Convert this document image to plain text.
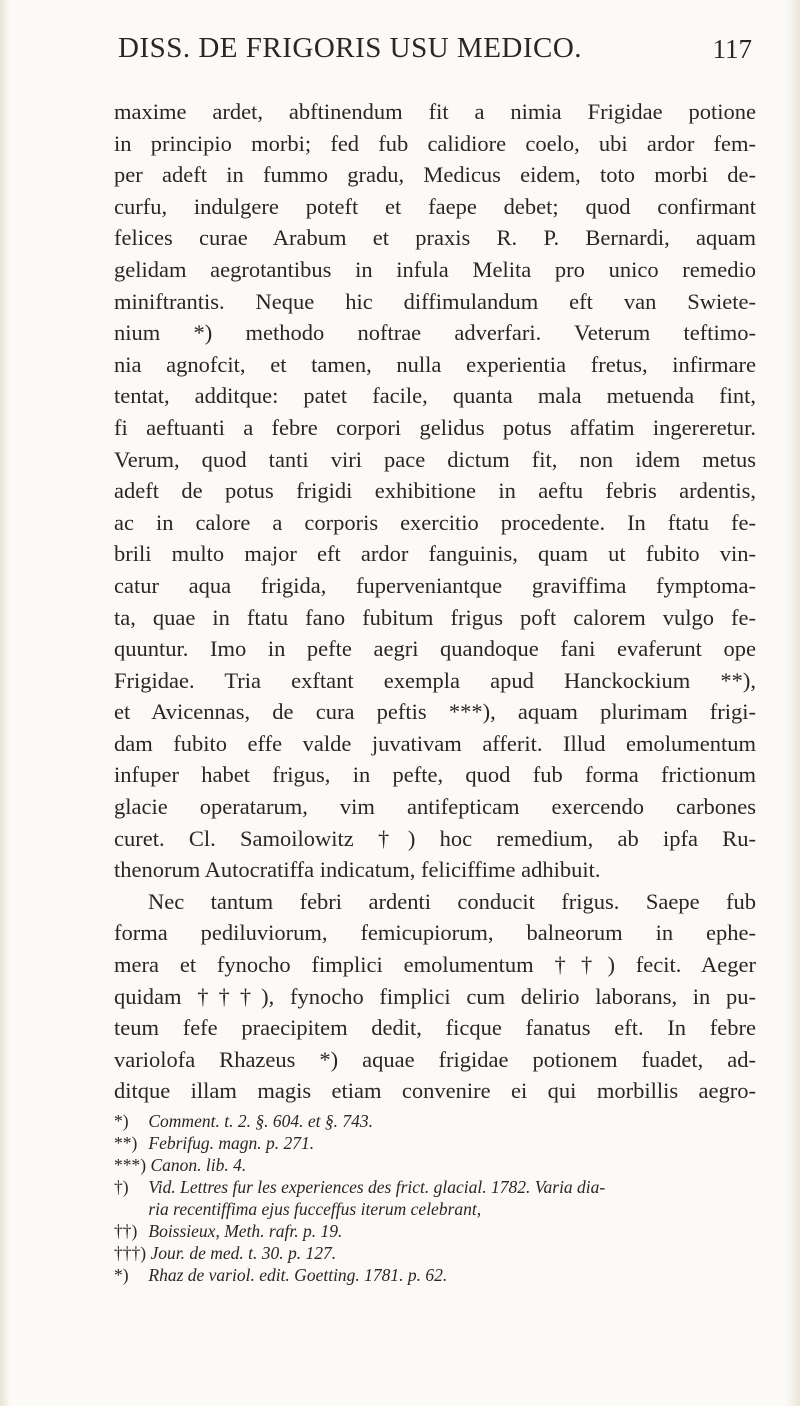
DISS. DE FRIGORIS USU MEDICO.	117
maxime ardet, abftinendum fit a nimia Frigidae potione
in principio morbi; fed fub calidiore coelo, ubi ardor fem-
per adeft in fummo gradu, Medicus eidem, toto morbi de-
curfu, indulgere poteft et faepe debet; quod confirmant
felices curae Arabum et praxis R. P. Bernardi, aquam
gelidam aegrotantibus in infula Melita pro unico remedio
miniftrantis. Neque hic diffimulandum eft van Swiete-
nium *) methodo noftrae adverfari. Veterum teftimo-
nia agnofcit, et tamen, nulla experientia fretus, infirmare
tentat, additque: patet facile, quanta mala metuenda fint,
fi aeftuanti a febre corpori gelidus potus affatim ingereretur.
Verum, quod tanti viri pace dictum fit, non idem metus
adeft de potus frigidi exhibitione in aeftu febris ardentis,
ac in calore a corporis exercitio procedente. In ftatu fe-
brili multo major eft ardor fanguinis, quam ut fubito vin-
catur aqua frigida, fuperveniantque graviffima fymptoma-
ta, quae in ftatu fano fubitum frigus poft calorem vulgo fe-
quuntur. Imo in pefte aegri quandoque fani evaferunt ope
Frigidae. Tria exftant exempla apud Hanckockium **),
et Avicennas, de cura peftis ***), aquam plurimam frigi-
dam fubito effe valde juvativam afferit. Illud emolumentum
infuper habet frigus, in pefte, quod fub forma frictionum
glacie operatarum, vim antifepticam exercendo carbones
curet. Cl. Samoilowitz †) hoc remedium, ab ipfa Ru-
thenorum Autocratiffa indicatum, feliciffime adhibuit.
Nec tantum febri ardenti conducit frigus. Saepe fub
forma pediluviorum, femicupiorum, balneorum in ephe-
mera et fynocho fimplici emolumentum ††) fecit. Aeger
quidam †††), fynocho fimplici cum delirio laborans, in pu-
teum fefe praecipitem dedit, ficque fanatus eft. In febre
variolofa Rhazeus *) aquae frigidae potionem fuadet, ad-
ditque illam magis etiam convenire ei qui morbillis aegro-
*) Comment. t. 2. §. 604. et §. 743.
**) Febrifug. magn. p. 271.
***) Canon. lib. 4.
†) Vid. Lettres fur les experiences des frict. glacial. 1782. Varia dia-
ria recentiffima ejus fucceffus iterum celebrant,
††) Boissieux, Meth. rafr. p. 19.
†††) Jour. de med. t. 30. p. 127.
*) Rhaz de variol. edit. Goetting. 1781. p. 62.
